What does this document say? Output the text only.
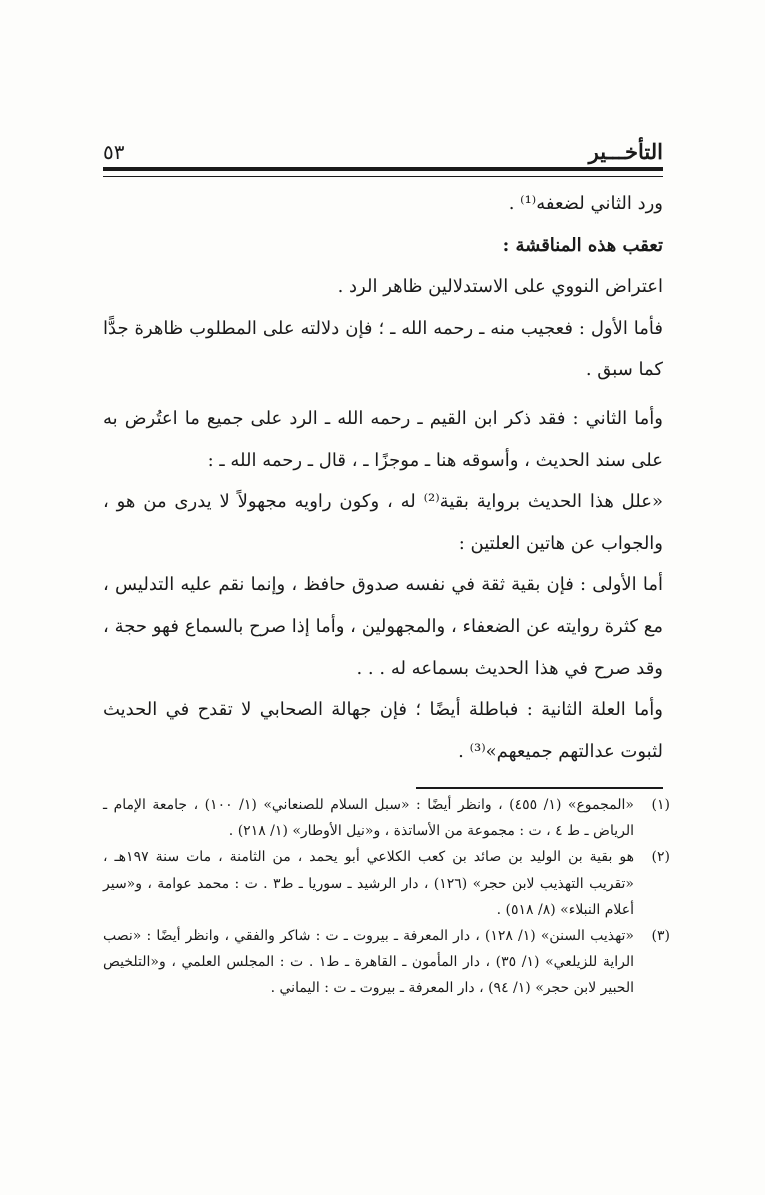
التأخـــير
٥٣

ورد الثاني لضعفه⁽¹⁾ .

تعقب هذه المناقشة :

اعتراض النووي على الاستدلالين ظاهر الرد .

فأما الأول : فعجيب منه ـ رحمه الله ـ ؛ فإن دلالته على المطلوب ظاهرة جدًّا كما سبق .

وأما الثاني : فقد ذكر ابن القيم ـ رحمه الله ـ الرد على جميع ما اعتُرض به على سند الحديث ، وأسوقه هنا ـ موجزًا ـ ، قال ـ رحمه الله ـ :

«علل هذا الحديث برواية بقية⁽²⁾ له ، وكون راويه مجهولاً لا يدرى من هو ، والجواب عن هاتين العلتين :

أما الأولى : فإن بقية ثقة في نفسه صدوق حافظ ، وإنما نقم عليه التدليس ، مع كثرة روايته عن الضعفاء ، والمجهولين ، وأما إذا صرح بالسماع فهو حجة ، وقد صرح في هذا الحديث بسماعه له . . .

وأما العلة الثانية : فباطلة أيضًا ؛ فإن جهالة الصحابي لا تقدح في الحديث لثبوت عدالتهم جميعهم»⁽³⁾ .

(١)
«المجموع» (١/ ٤٥٥) ، وانظر أيضًا : «سبل السلام للصنعاني» (١/ ١٠٠) ، جامعة الإمام ـ الرياض ـ ط ٤ ، ت : مجموعة من الأساتذة ، و«نيل الأوطار» (١/ ٢١٨) .
(٢)
هو بقية بن الوليد بن صائد بن كعب الكلاعي أبو يحمد ، من الثامنة ، مات سنة ١٩٧هـ ، «تقريب التهذيب لابن حجر» (١٢٦) ، دار الرشيد ـ سوريا ـ ط٣ . ت : محمد عوامة ، و«سير أعلام النبلاء» (٨/ ٥١٨) .
(٣)
«تهذيب السنن» (١/ ١٢٨) ، دار المعرفة ـ بيروت ـ ت : شاكر والفقي ، وانظر أيضًا : «نصب الراية للزيلعي» (١/ ٣٥) ، دار المأمون ـ القاهرة ـ ط١ . ت : المجلس العلمي ، و«التلخيص الحبير لابن حجر» (١/ ٩٤) ، دار المعرفة ـ بيروت ـ ت : اليماني .
